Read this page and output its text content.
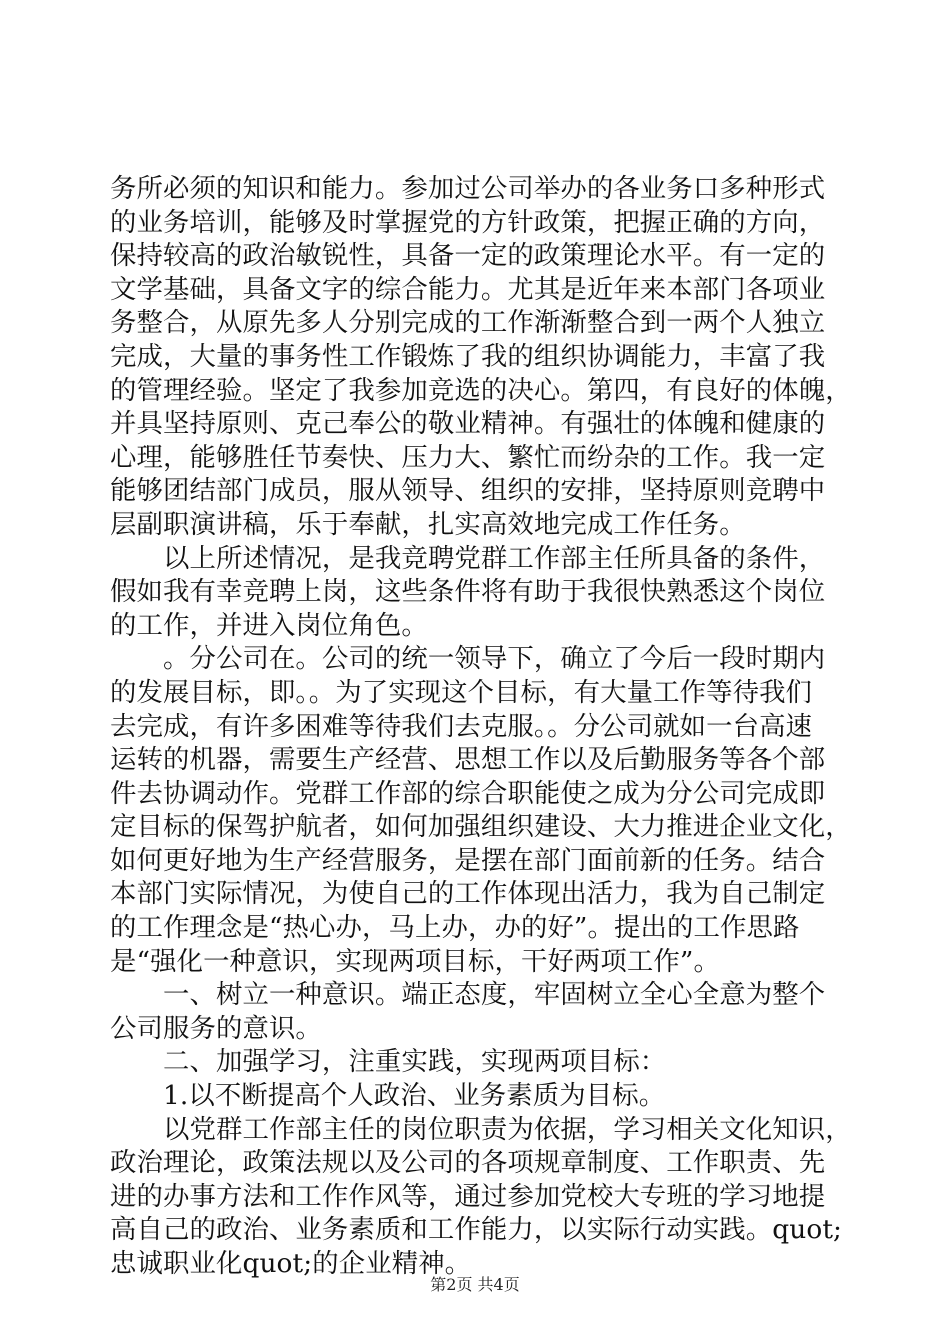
务所必须的知识和能力。参加过公司举办的各业务口多种形式
的业务培训，能够及时掌握党的方针政策，把握正确的方向，
保持较高的政治敏锐性，具备一定的政策理论水平。有一定的
文学基础，具备文字的综合能力。尤其是近年来本部门各项业
务整合，从原先多人分别完成的工作渐渐整合到一两个人独立
完成，大量的事务性工作锻炼了我的组织协调能力，丰富了我
的管理经验。坚定了我参加竞选的决心。第四，有良好的体魄，
并具坚持原则、克己奉公的敬业精神。有强壮的体魄和健康的
心理，能够胜任节奏快、压力大、繁忙而纷杂的工作。我一定
能够团结部门成员，服从领导、组织的安排，坚持原则竞聘中
层副职演讲稿，乐于奉献，扎实高效地完成工作任务。
　　以上所述情况，是我竞聘党群工作部主任所具备的条件，
假如我有幸竞聘上岗，这些条件将有助于我很快熟悉这个岗位
的工作，并进入岗位角色。
　　。分公司在。公司的统一领导下，确立了今后一段时期内
的发展目标，即。。为了实现这个目标，有大量工作等待我们
去完成，有许多困难等待我们去克服。。分公司就如一台高速
运转的机器，需要生产经营、思想工作以及后勤服务等各个部
件去协调动作。党群工作部的综合职能使之成为分公司完成即
定目标的保驾护航者，如何加强组织建设、大力推进企业文化，
如何更好地为生产经营服务，是摆在部门面前新的任务。结合
本部门实际情况，为使自己的工作体现出活力，我为自己制定
的工作理念是“热心办，马上办，办的好”。提出的工作思路
是“强化一种意识，实现两项目标，干好两项工作”。
　　一、树立一种意识。端正态度，牢固树立全心全意为整个
公司服务的意识。
　　二、加强学习，注重实践，实现两项目标：
　　1.以不断提高个人政治、业务素质为目标。
　　以党群工作部主任的岗位职责为依据，学习相关文化知识，
政治理论，政策法规以及公司的各项规章制度、工作职责、先
进的办事方法和工作作风等，通过参加党校大专班的学习地提
高自己的政治、业务素质和工作能力，以实际行动实践。quot;
忠诚职业化quot;的企业精神。
第2页 共4页
